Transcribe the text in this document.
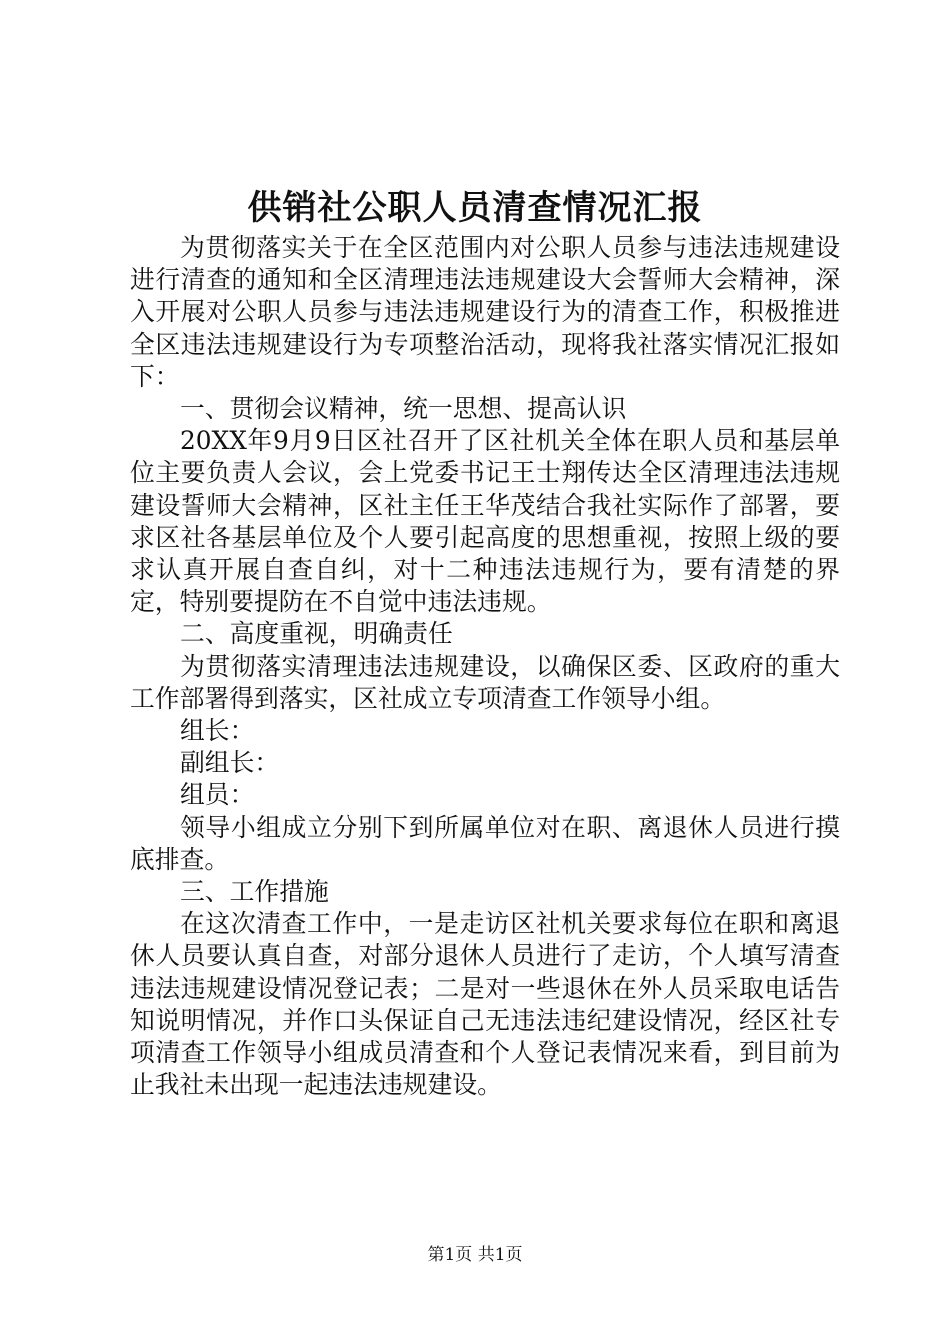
供销社公职人员清查情况汇报

为贯彻落实关于在全区范围内对公职人员参与违法违规建设进行清查的通知和全区清理违法违规建设大会誓师大会精神，深入开展对公职人员参与违法违规建设行为的清查工作，积极推进全区违法违规建设行为专项整治活动，现将我社落实情况汇报如下：

一、贯彻会议精神，统一思想、提高认识

20XX年9月9日区社召开了区社机关全体在职人员和基层单位主要负责人会议，会上党委书记王士翔传达全区清理违法违规建设誓师大会精神，区社主任王华茂结合我社实际作了部署，要求区社各基层单位及个人要引起高度的思想重视，按照上级的要求认真开展自查自纠，对十二种违法违规行为，要有清楚的界定，特别要提防在不自觉中违法违规。

二、高度重视，明确责任

为贯彻落实清理违法违规建设，以确保区委、区政府的重大工作部署得到落实，区社成立专项清查工作领导小组。

组长：

副组长：

组员：

领导小组成立分别下到所属单位对在职、离退休人员进行摸底排查。

三、工作措施

在这次清查工作中，一是走访区社机关要求每位在职和离退休人员要认真自查，对部分退休人员进行了走访，个人填写清查违法违规建设情况登记表；二是对一些退休在外人员采取电话告知说明情况，并作口头保证自己无违法违纪建设情况，经区社专项清查工作领导小组成员清查和个人登记表情况来看，到目前为止我社未出现一起违法违规建设。

第1页 共1页
